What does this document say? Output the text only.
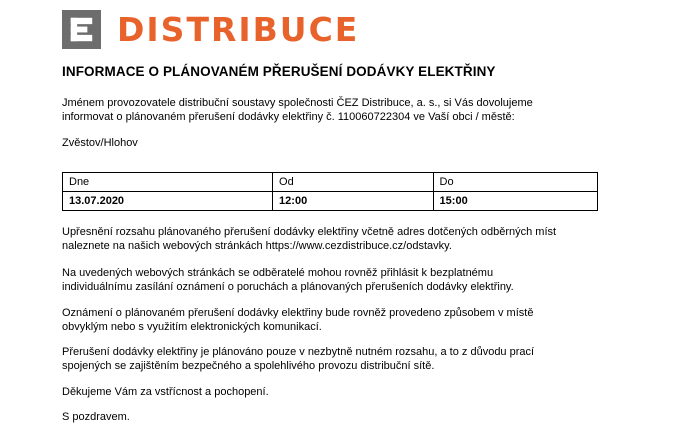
DISTRIBUCE
INFORMACE O PLÁNOVANÉM PŘERUŠENÍ DODÁVKY ELEKTŘINY

Jménem provozovatele distribuční soustavy společnosti ČEZ Distribuce, a. s., si Vás dovolujeme
informovat o plánovaném přerušení dodávky elektřiny č. 110060722304 ve Vaší obci / městě:

Zvěstov/Hlohov

Dne	Od	Do
13.07.2020	12:00	15:00

Upřesnění rozsahu plánovaného přerušení dodávky elektřiny včetně adres dotčených odběrných míst
naleznete na našich webových stránkách https://www.cezdistribuce.cz/odstavky.

Na uvedených webových stránkách se odběratelé mohou rovněž přihlásit k bezplatnému
individuálnímu zasílání oznámení o poruchách a plánovaných přerušeních dodávky elektřiny.

Oznámení o plánovaném přerušení dodávky elektřiny bude rovněž provedeno způsobem v místě
obvyklým nebo s využitím elektronických komunikací.

Přerušení dodávky elektřiny je plánováno pouze v nezbytně nutném rozsahu, a to z důvodu prací
spojených se zajištěním bezpečného a spolehlivého provozu distribuční sítě.

Děkujeme Vám za vstřícnost a pochopení.

S pozdravem.
